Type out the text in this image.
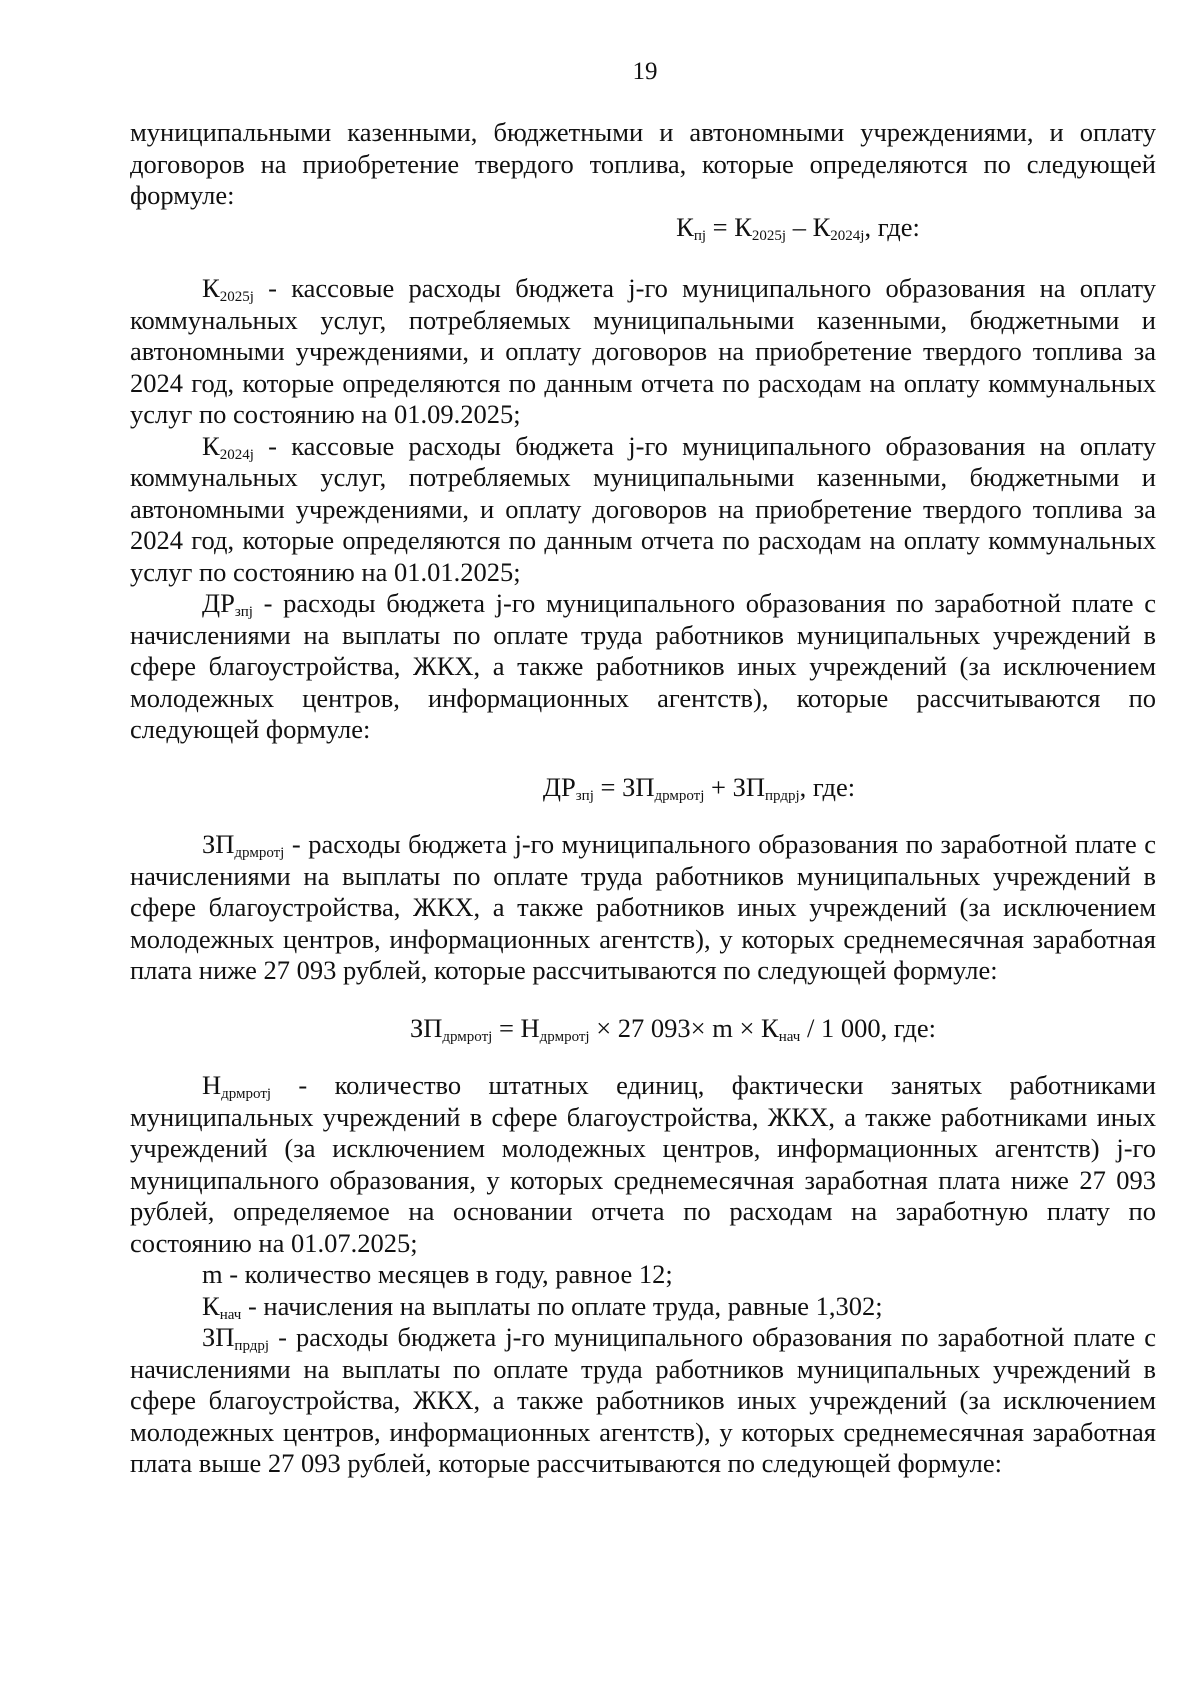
19

муниципальными казенными, бюджетными и автономными учреждениями, и оплату договоров на приобретение твердого топлива, которые определяются по следующей формуле:

$К_{пj} = К_{2025j} - К_{2024j}$, где:

$К_{2025j}$ - кассовые расходы бюджета j-го муниципального образования на оплату коммунальных услуг, потребляемых муниципальными казенными, бюджетными и автономными учреждениями, и оплату договоров на приобретение твердого топлива за 2024 год, которые определяются по данным отчета по расходам на оплату коммунальных услуг по состоянию на 01.09.2025;

$К_{2024j}$ - кассовые расходы бюджета j-го муниципального образования на оплату коммунальных услуг, потребляемых муниципальными казенными, бюджетными и автономными учреждениями, и оплату договоров на приобретение твердого топлива за 2024 год, которые определяются по данным отчета по расходам на оплату коммунальных услуг по состоянию на 01.01.2025;

$ДР_{зпj}$ - расходы бюджета j-го муниципального образования по заработной плате с начислениями на выплаты по оплате труда работников муниципальных учреждений в сфере благоустройства, ЖКХ, а также работников иных учреждений (за исключением молодежных центров, информационных агентств), которые рассчитываются по следующей формуле:

$ДР_{зпj} = ЗП_{дрмротj} + ЗП_{прдрj}$, где:

$ЗП_{дрмротj}$ - расходы бюджета j-го муниципального образования по заработной плате с начислениями на выплаты по оплате труда работников муниципальных учреждений в сфере благоустройства, ЖКХ, а также работников иных учреждений (за исключением молодежных центров, информационных агентств), у которых среднемесячная заработная плата ниже 27 093 рублей, которые рассчитываются по следующей формуле:

$ЗП_{дрмротj} = Н_{дрмротj} \times 27$ $093\times m \times К_{нач} / 1$ 000, где:

$Н_{дрмротj}$ - количество штатных единиц, фактически занятых работниками муниципальных учреждений в сфере благоустройства, ЖКХ, а также работниками иных учреждений (за исключением молодежных центров, информационных агентств) j-го муниципального образования, у которых среднемесячная заработная плата ниже 27 093 рублей, определяемое на основании отчета по расходам на заработную плату по состоянию на 01.07.2025;

m - количество месяцев в году, равное 12;

$К_{нач}$ - начисления на выплаты по оплате труда, равные 1,302;

$ЗП_{прдрj}$ - расходы бюджета j-го муниципального образования по заработной плате с начислениями на выплаты по оплате труда работников муниципальных учреждений в сфере благоустройства, ЖКХ, а также работников иных учреждений (за исключением молодежных центров, информационных агентств), у которых среднемесячная заработная плата выше 27 093 рублей, которые рассчитываются по следующей формуле:
